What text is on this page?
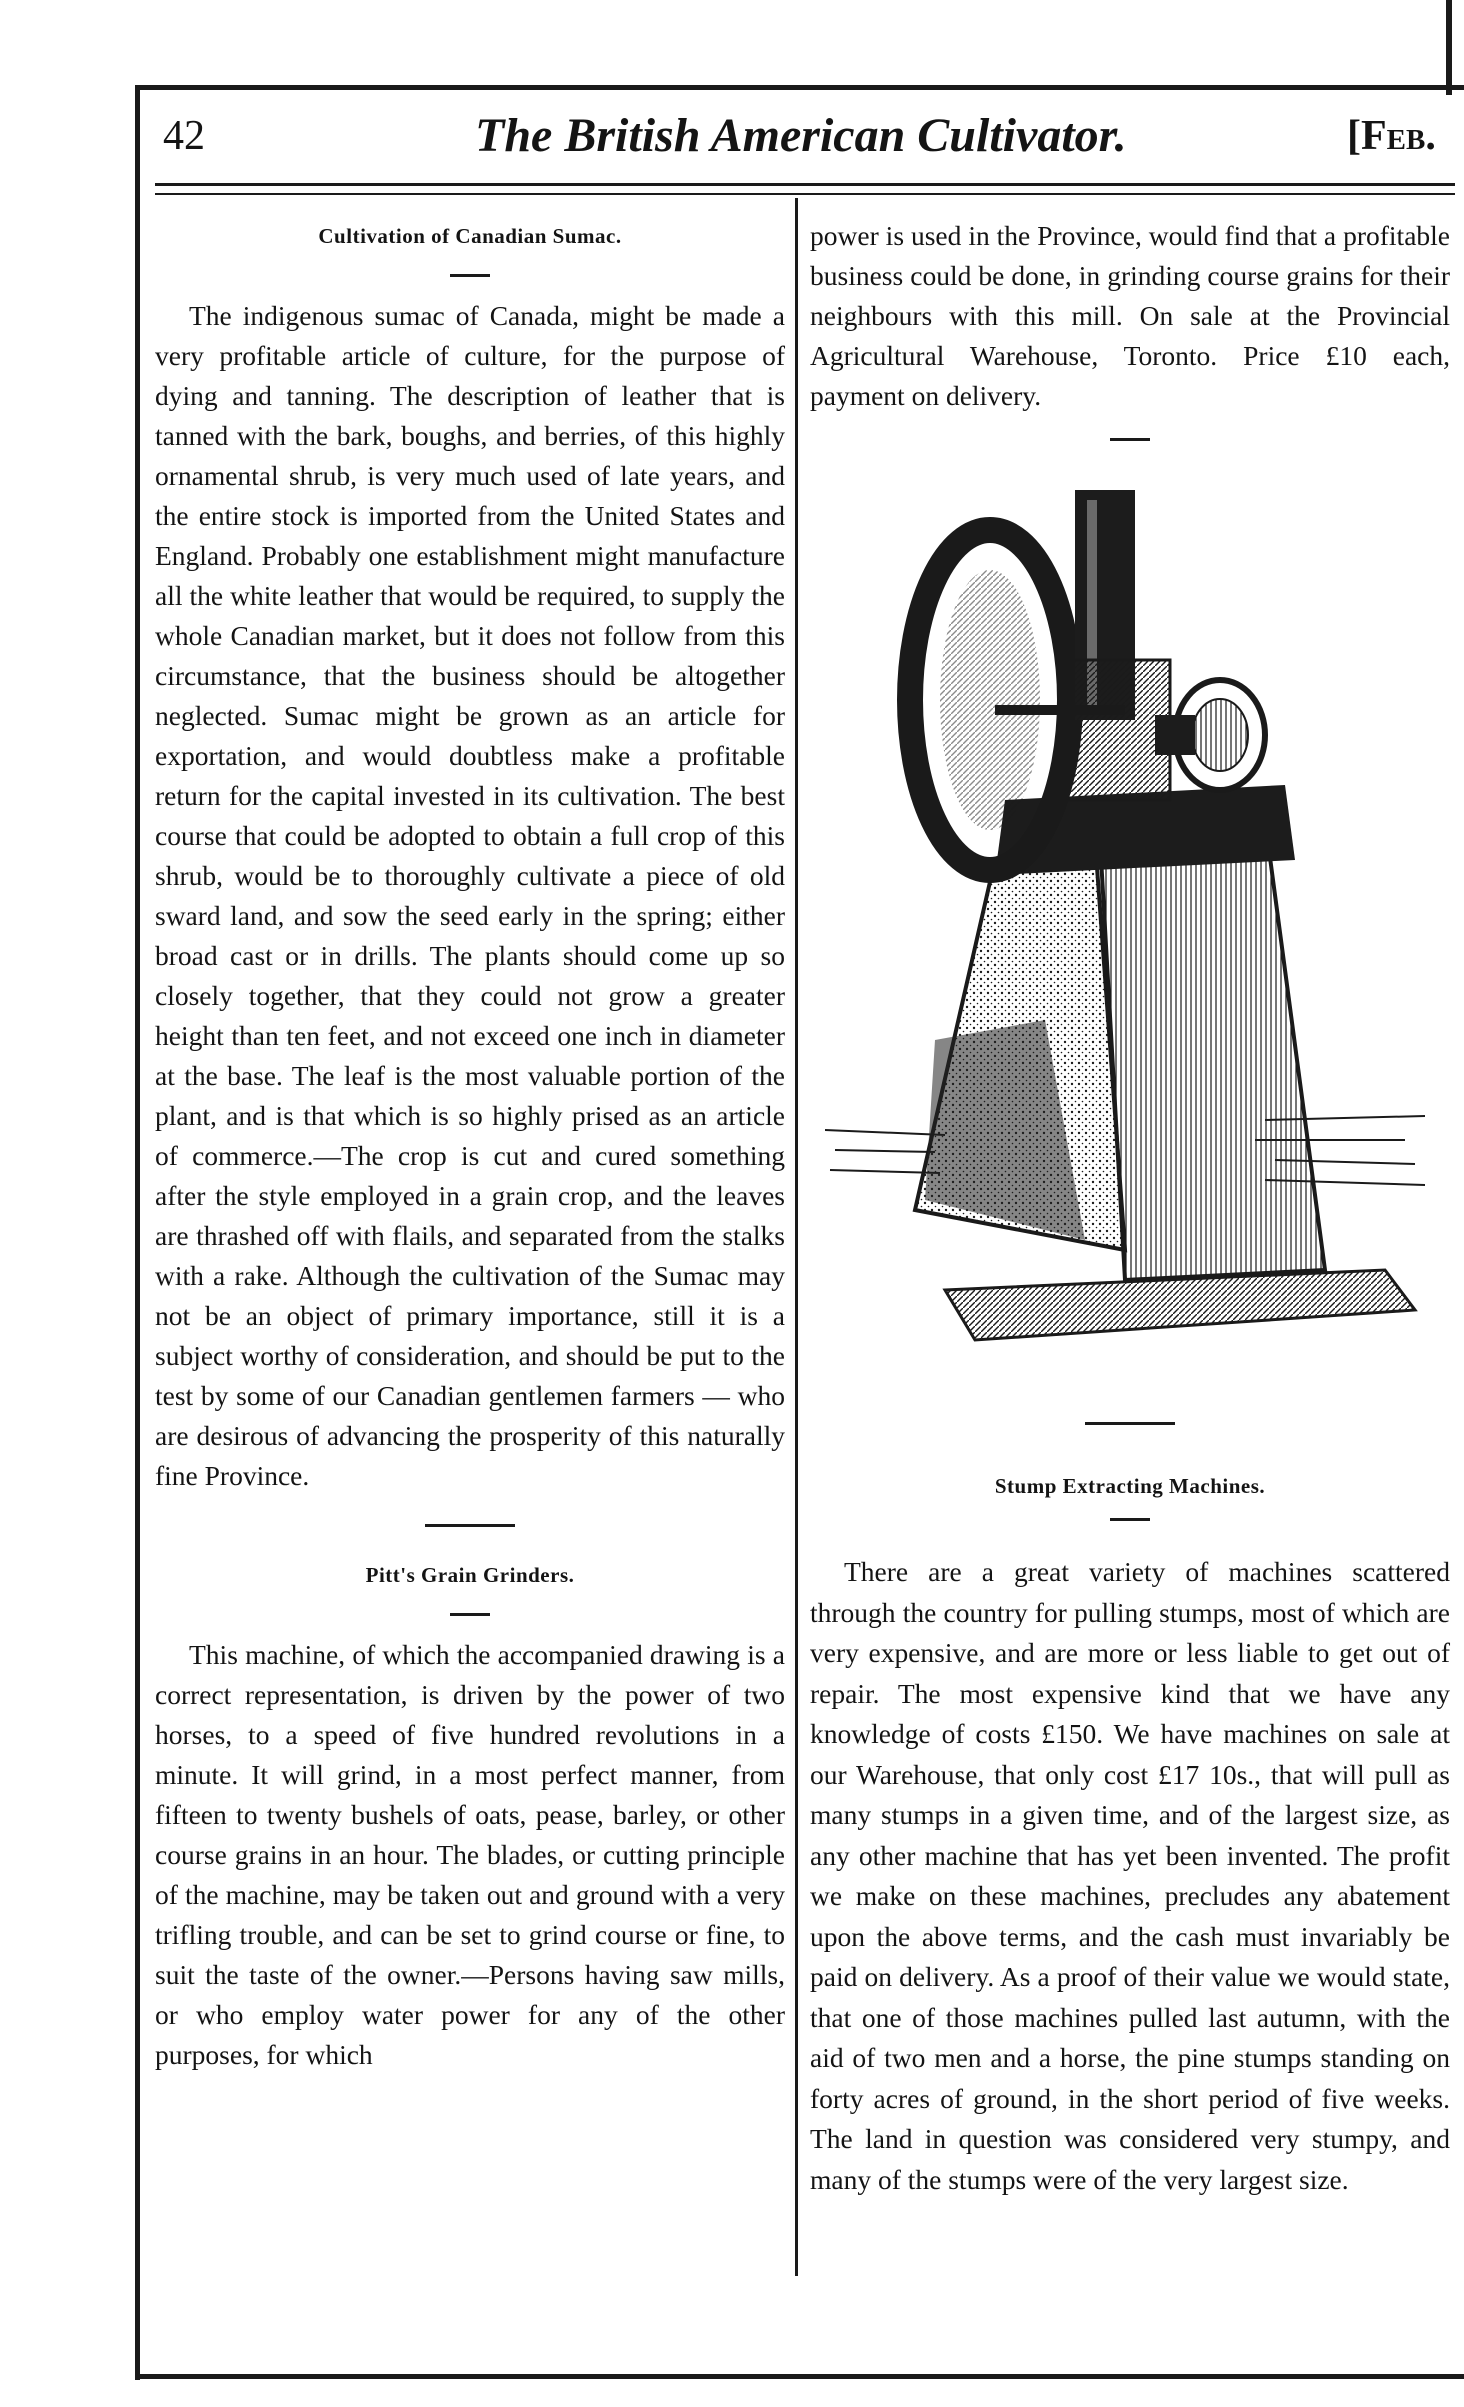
42	The British American Cultivator.	[Feb.

Cultivation of Canadian Sumac.

The indigenous sumac of Canada, might be made a very profitable article of culture, for the purpose of dying and tanning. The description of leather that is tanned with the bark, boughs, and berries, of this highly ornamental shrub, is very much used of late years, and the entire stock is imported from the United States and England. Probably one establishment might manufacture all the white leather that would be required, to supply the whole Canadian market, but it does not follow from this circumstance, that the business should be altogether neglected. Sumac might be grown as an article for exportation, and would doubtless make a profitable return for the capital invested in its cultivation. The best course that could be adopted to obtain a full crop of this shrub, would be to thoroughly cultivate a piece of old sward land, and sow the seed early in the spring; either broad cast or in drills. The plants should come up so closely together, that they could not grow a greater height than ten feet, and not exceed one inch in diameter at the base. The leaf is the most valuable portion of the plant, and is that which is so highly prised as an article of commerce.—The crop is cut and cured something after the style employed in a grain crop, and the leaves are thrashed off with flails, and separated from the stalks with a rake. Although the cultivation of the Sumac may not be an object of primary importance, still it is a subject worthy of consideration, and should be put to the test by some of our Canadian gentlemen farmers — who are desirous of advancing the prosperity of this naturally fine Province.

Pitt's Grain Grinders.

This machine, of which the accompanied drawing is a correct representation, is driven by the power of two horses, to a speed of five hundred revolutions in a minute. It will grind, in a most perfect manner, from fifteen to twenty bushels of oats, pease, barley, or other course grains in an hour. The blades, or cutting principle of the machine, may be taken out and ground with a very trifling trouble, and can be set to grind course or fine, to suit the taste of the owner.—Persons having saw mills, or who employ water power for any of the other purposes, for which

power is used in the Province, would find that a profitable business could be done, in grinding course grains for their neighbours with this mill. On sale at the Provincial Agricultural Warehouse, Toronto. Price £10 each, payment on delivery.

Stump Extracting Machines.

There are a great variety of machines scattered through the country for pulling stumps, most of which are very expensive, and are more or less liable to get out of repair. The most expensive kind that we have any knowledge of costs £150. We have machines on sale at our Warehouse, that only cost £17 10s., that will pull as many stumps in a given time, and of the largest size, as any other machine that has yet been invented. The profit we make on these machines, precludes any abatement upon the above terms, and the cash must invariably be paid on delivery. As a proof of their value we would state, that one of those machines pulled last autumn, with the aid of two men and a horse, the pine stumps standing on forty acres of ground, in the short period of five weeks. The land in question was considered very stumpy, and many of the stumps were of the very largest size.
